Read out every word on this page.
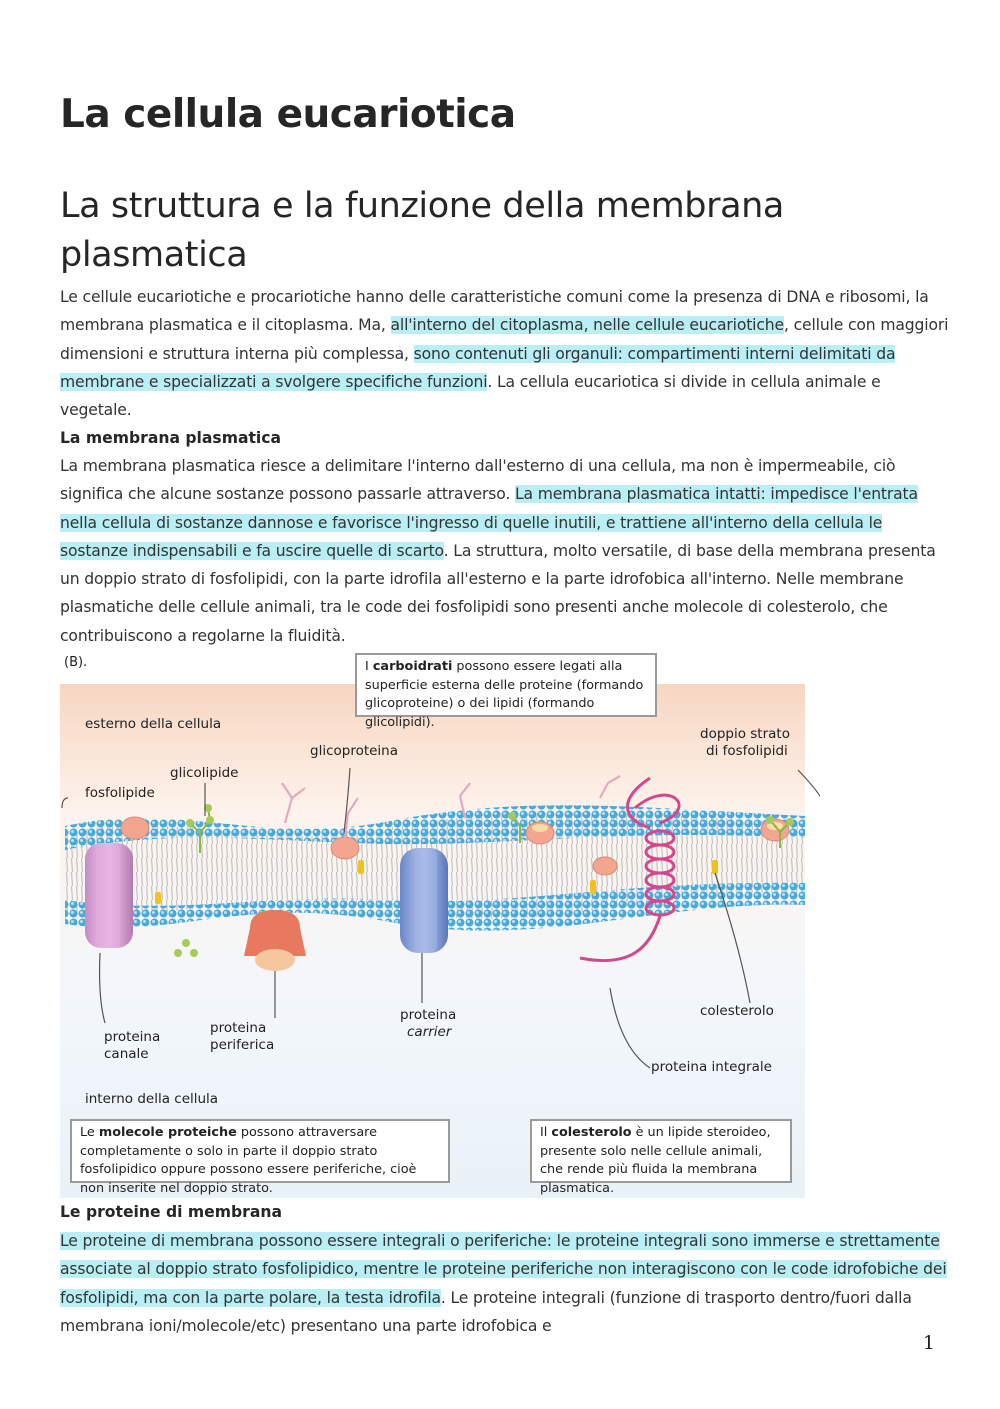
La cellula eucariotica
La struttura e la funzione della membrana plasmatica

Le cellule eucariotiche e procariotiche hanno delle caratteristiche comuni come la presenza di DNA e ribosomi, la membrana plasmatica e il citoplasma. Ma, all'interno del citoplasma, nelle cellule eucariotiche, cellule con maggiori dimensioni e struttura interna più complessa, sono contenuti gli organuli: compartimenti interni delimitati da membrane e specializzati a svolgere specifiche funzioni. La cellula eucariotica si divide in cellula animale e vegetale.

La membrana plasmatica

La membrana plasmatica riesce a delimitare l'interno dall'esterno di una cellula, ma non è impermeabile, ciò significa che alcune sostanze possono passarle attraverso. La membrana plasmatica intatti: impedisce l'entrata nella cellula di sostanze dannose e favorisce l'ingresso di quelle inutili, e trattiene all'interno della cellula le sostanze indispensabili e fa uscire quelle di scarto. La struttura, molto versatile, di base della membrana presenta un doppio strato di fosfolipidi, con la parte idrofila all'esterno e la parte idrofobica all'interno. Nelle membrane plasmatiche delle cellule animali, tra le code dei fosfolipidi sono presenti anche molecole di colesterolo, che contribuiscono a regolarne la fluidità.

(B).	I carboidrati possono essere legati alla superficie esterna delle proteine (formando glicoproteine) o dei lipidi (formando glicolipidi).
esterno della cellula
glicoproteina
glicolipide
fosfolipide
doppio strato
di fosfolipidi
proteina
canale
proteina
periferica
proteina
carrier
colesterolo
proteina integrale
interno della cellula
Le molecole proteiche possono attraversare completamente o solo in parte il doppio strato fosfolipidico oppure possono essere periferiche, cioè non inserite nel doppio strato.
Il colesterolo è un lipide steroideo, presente solo nelle cellule animali, che rende più fluida la membrana plasmatica.

Le proteine di membrana

Le proteine di membrana possono essere integrali o periferiche: le proteine integrali sono immerse e strettamente associate al doppio strato fosfolipidico, mentre le proteine periferiche non interagiscono con le code idrofobiche dei fosfolipidi, ma con la parte polare, la testa idrofila. Le proteine integrali (funzione di trasporto dentro/fuori dalla membrana ioni/molecole/etc) presentano una parte idrofobica e

1
